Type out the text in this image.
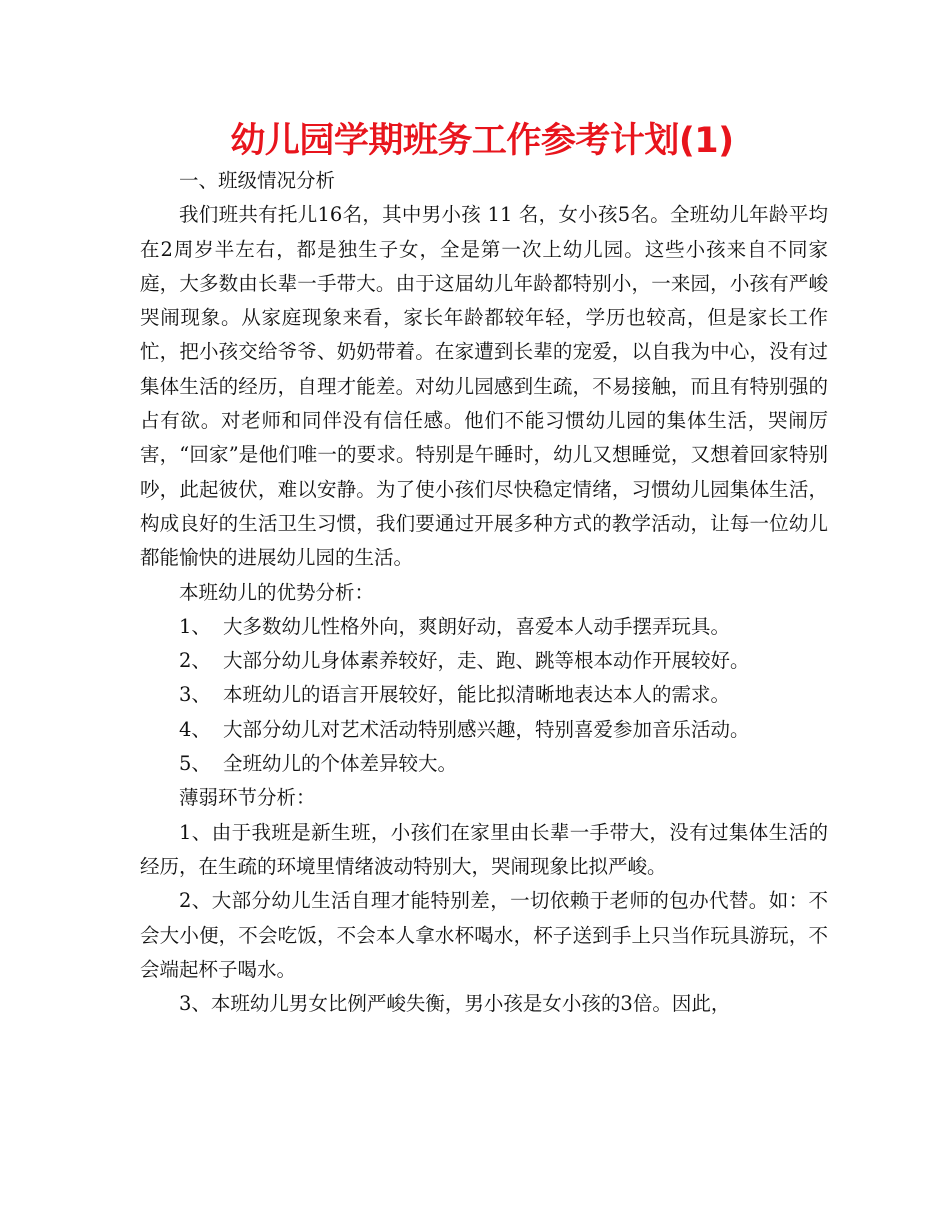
幼儿园学期班务工作参考计划(1)

一、班级情况分析

我们班共有托儿16名，其中男小孩 11 名，女小孩5名。全班幼儿年龄平均在2周岁半左右，都是独生子女，全是第一次上幼儿园。这些小孩来自不同家庭，大多数由长辈一手带大。由于这届幼儿年龄都特别小，一来园，小孩有严峻哭闹现象。从家庭现象来看，家长年龄都较年轻，学历也较高，但是家长工作忙，把小孩交给爷爷、奶奶带着。在家遭到长辈的宠爱，以自我为中心，没有过集体生活的经历，自理才能差。对幼儿园感到生疏，不易接触，而且有特别强的占有欲。对老师和同伴没有信任感。他们不能习惯幼儿园的集体生活，哭闹厉害，“回家”是他们唯一的要求。特别是午睡时，幼儿又想睡觉，又想着回家特别吵，此起彼伏，难以安静。为了使小孩们尽快稳定情绪，习惯幼儿园集体生活，构成良好的生活卫生习惯，我们要通过开展多种方式的教学活动，让每一位幼儿都能愉快的进展幼儿园的生活。

本班幼儿的优势分析：

1、 大多数幼儿性格外向，爽朗好动，喜爱本人动手摆弄玩具。

2、 大部分幼儿身体素养较好，走、跑、跳等根本动作开展较好。

3、 本班幼儿的语言开展较好，能比拟清晰地表达本人的需求。

4、 大部分幼儿对艺术活动特别感兴趣，特别喜爱参加音乐活动。

5、 全班幼儿的个体差异较大。

薄弱环节分析：

1、由于我班是新生班，小孩们在家里由长辈一手带大，没有过集体生活的经历，在生疏的环境里情绪波动特别大，哭闹现象比拟严峻。

2、大部分幼儿生活自理才能特别差，一切依赖于老师的包办代替。如：不会大小便，不会吃饭，不会本人拿水杯喝水，杯子送到手上只当作玩具游玩，不会端起杯子喝水。

3、本班幼儿男女比例严峻失衡，男小孩是女小孩的3倍。因此，
